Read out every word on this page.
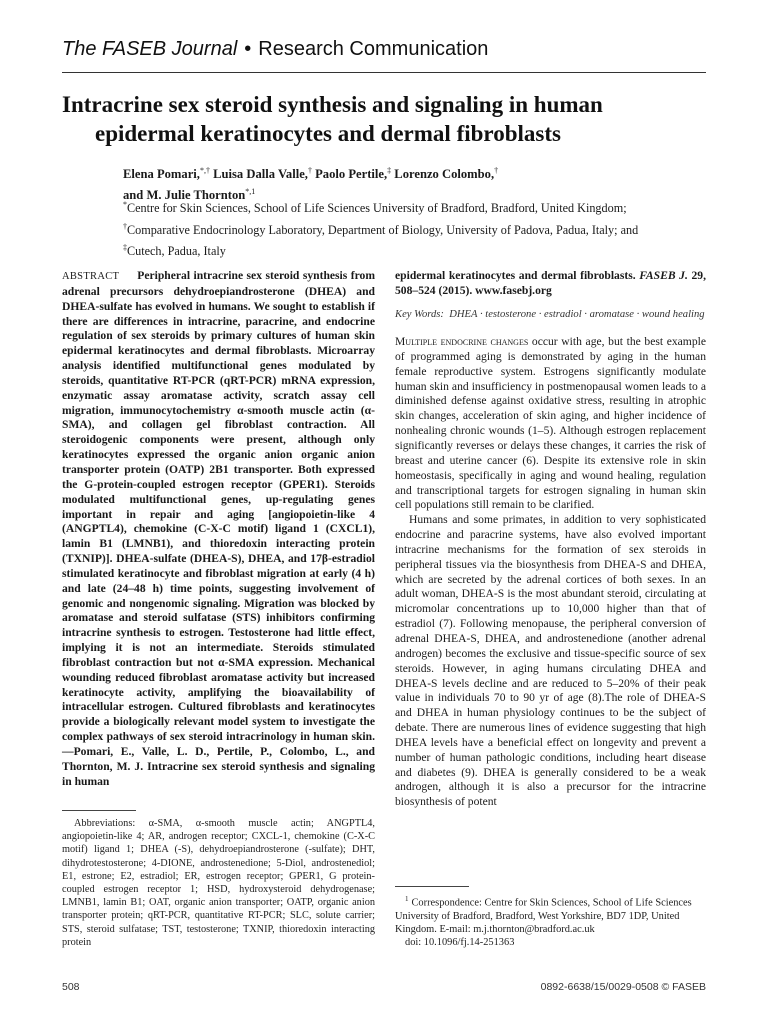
The FASEB Journal • Research Communication
Intracrine sex steroid synthesis and signaling in human
epidermal keratinocytes and dermal fibroblasts
Elena Pomari,*,† Luisa Dalla Valle,† Paolo Pertile,‡ Lorenzo Colombo,†
and M. Julie Thornton$^{*,1}$
*Centre for Skin Sciences, School of Life Sciences University of Bradford, Bradford, United Kingdom;
†Comparative Endocrinology Laboratory, Department of Biology, University of Padova, Padua, Italy; and
‡Cutech, Padua, Italy
ABSTRACT Peripheral intracrine sex steroid synthesis from adrenal precursors dehydroepiandrosterone (DHEA) and DHEA-sulfate has evolved in humans. We sought to establish if there are differences in intracrine, paracrine, and endocrine regulation of sex steroids by primary cultures of human skin epidermal keratinocytes and dermal fibroblasts. Microarray analysis identified multifunctional genes modulated by steroids, quantitative RT-PCR (qRT-PCR) mRNA expression, enzymatic assay aromatase activity, scratch assay cell migration, immunocytochemistry α-smooth muscle actin (α-SMA), and collagen gel fibroblast contraction. All steroidogenic components were present, although only keratinocytes expressed the organic anion organic anion transporter protein (OATP) 2B1 transporter. Both expressed the G-protein-coupled estrogen receptor (GPER1). Steroids modulated multifunctional genes, up-regulating genes important in repair and aging [angiopoietin-like 4 (ANGPTL4), chemokine (C-X-C motif) ligand 1 (CXCL1), lamin B1 (LMNB1), and thioredoxin interacting protein (TXNIP)]. DHEA-sulfate (DHEA-S), DHEA, and 17β-estradiol stimulated keratinocyte and fibroblast migration at early (4 h) and late (24–48 h) time points, suggesting involvement of genomic and nongenomic signaling. Migration was blocked by aromatase and steroid sulfatase (STS) inhibitors confirming intracrine synthesis to estrogen. Testosterone had little effect, implying it is not an intermediate. Steroids stimulated fibroblast contraction but not α-SMA expression. Mechanical wounding reduced fibroblast aromatase activity but increased keratinocyte activity, amplifying the bioavailability of intracellular estrogen. Cultured fibroblasts and keratinocytes provide a biologically relevant model system to investigate the complex pathways of sex steroid intracrinology in human skin.—Pomari, E., Valle, L. D., Pertile, P., Colombo, L., and Thornton, M. J. Intracrine sex steroid synthesis and signaling in human
epidermal keratinocytes and dermal fibroblasts. FASEB J. 29, 508–524 (2015). www.fasebj.org
Key Words: DHEA · testosterone · estradiol · aromatase · wound healing
Multiple endocrine changes occur with age, but the best example of programmed aging is demonstrated by aging in the human female reproductive system. Estrogens significantly modulate human skin and insufficiency in postmenopausal women leads to a diminished defense against oxidative stress, resulting in atrophic skin changes, acceleration of skin aging, and higher incidence of nonhealing chronic wounds (1–5). Although estrogen replacement significantly reverses or delays these changes, it carries the risk of breast and uterine cancer (6). Despite its extensive role in skin homeostasis, specifically in aging and wound healing, regulation and transcriptional targets for estrogen signaling in human skin cell populations still remain to be clarified.
Humans and some primates, in addition to very sophisticated endocrine and paracrine systems, have also evolved important intracrine mechanisms for the formation of sex steroids in peripheral tissues via the biosynthesis from DHEA-S and DHEA, which are secreted by the adrenal cortices of both sexes. In an adult woman, DHEA-S is the most abundant steroid, circulating at micromolar concentrations up to 10,000 higher than that of estradiol (7). Following menopause, the peripheral conversion of adrenal DHEA-S, DHEA, and androstenedione (another adrenal androgen) becomes the exclusive and tissue-specific source of sex steroids. However, in aging humans circulating DHEA and DHEA-S levels decline and are reduced to 5–20% of their peak value in individuals 70 to 90 yr of age (8).The role of DHEA-S and DHEA in human physiology continues to be the subject of debate. There are numerous lines of evidence suggesting that high DHEA levels have a beneficial effect on longevity and prevent a number of human pathologic conditions, including heart disease and diabetes (9). DHEA is generally considered to be a weak androgen, although it is also a precursor for the intracrine biosynthesis of potent
Abbreviations: α-SMA, α-smooth muscle actin; ANGPTL4, angiopoietin-like 4; AR, androgen receptor; CXCL-1, chemokine (C-X-C motif) ligand 1; DHEA (-S), dehydroepiandrosterone (-sulfate); DHT, dihydrotestosterone; 4-DIONE, androstenedione; 5-Diol, androstenediol; E1, estrone; E2, estradiol; ER, estrogen receptor; GPER1, G protein-coupled estrogen receptor 1; HSD, hydroxysteroid dehydrogenase; LMNB1, lamin B1; OAT, organic anion transporter; OATP, organic anion transporter protein; qRT-PCR, quantitative RT-PCR; SLC, solute carrier; STS, steroid sulfatase; TST, testosterone; TXNIP, thioredoxin interacting protein
$^1$ Correspondence: Centre for Skin Sciences, School of Life Sciences University of Bradford, Bradford, West Yorkshire, BD7 1DP, United Kingdom. E-mail: m.j.thornton@bradford.ac.uk
doi: 10.1096/fj.14-251363
508	0892-6638/15/0029-0508 © FASEB
